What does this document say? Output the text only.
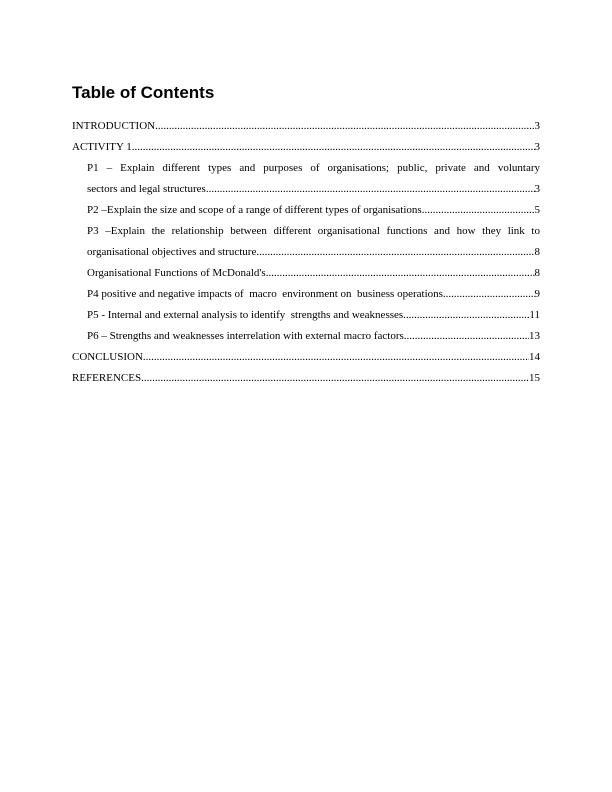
Table of Contents
INTRODUCTION .....	3
ACTIVITY 1 .....	3
P1 – Explain different types and purposes of organisations; public, private and voluntary
sectors and legal structures .....	3
P2 –Explain the size and scope of a range of different types of organisations .....	5
P3 –Explain the relationship between different organisational functions and how they link to
organisational objectives and structure .....	8
Organisational Functions of McDonald's .....	8
P4 positive and negative impacts of  macro  environment on  business operations .....	9
P5 - Internal and external analysis to identify  strengths and weaknesses .....	11
P6 – Strengths and weaknesses interrelation with external macro factors .....	13
CONCLUSION .....	14
REFERENCES .....	15
